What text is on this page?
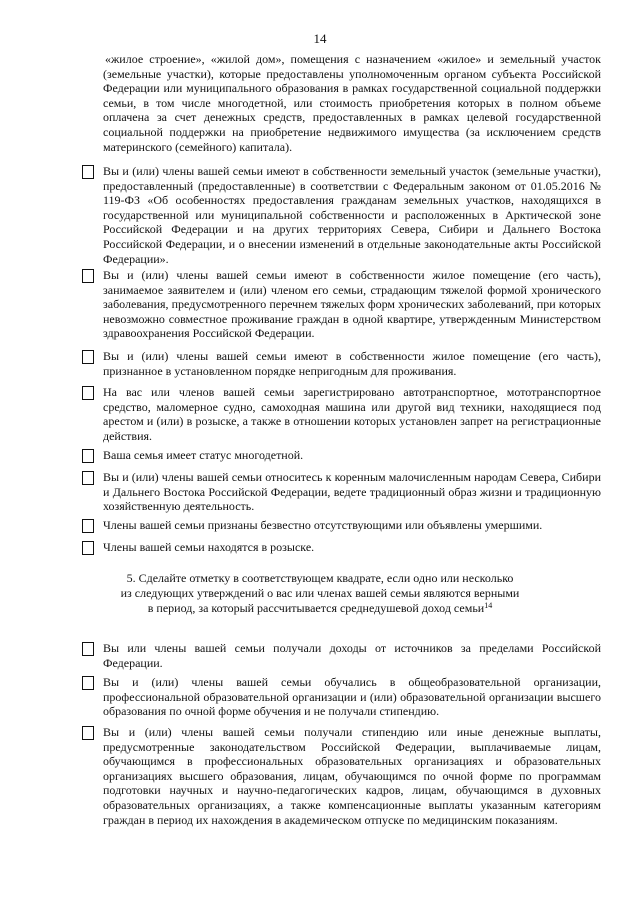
14
«жилое строение», «жилой дом», помещения с назначением «жилое» и земельный участок (земельные участки), которые предоставлены уполномоченным органом субъекта Российской Федерации или муниципального образования в рамках государственной социальной поддержки семьи, в том числе многодетной, или стоимость приобретения которых в полном объеме оплачена за счет денежных средств, предоставленных в рамках целевой государственной социальной поддержки на приобретение недвижимого имущества (за исключением средств материнского (семейного) капитала).
Вы и (или) члены вашей семьи имеют в собственности земельный участок (земельные участки), предоставленный (предоставленные) в соответствии с Федеральным законом от 01.05.2016 № 119-ФЗ «Об особенностях предоставления гражданам земельных участков, находящихся в государственной или муниципальной собственности и расположенных в Арктической зоне Российской Федерации и на других территориях Севера, Сибири и Дальнего Востока Российской Федерации, и о внесении изменений в отдельные законодательные акты Российской Федерации».
Вы и (или) члены вашей семьи имеют в собственности жилое помещение (его часть), занимаемое заявителем и (или) членом его семьи, страдающим тяжелой формой хронического заболевания, предусмотренного перечнем тяжелых форм хронических заболеваний, при которых невозможно совместное проживание граждан в одной квартире, утвержденным Министерством здравоохранения Российской Федерации.
Вы и (или) члены вашей семьи имеют в собственности жилое помещение (его часть), признанное в установленном порядке непригодным для проживания.
На вас или членов вашей семьи зарегистрировано автотранспортное, мототранспортное средство, маломерное судно, самоходная машина или другой вид техники, находящиеся под арестом и (или) в розыске, а также в отношении которых установлен запрет на регистрационные действия.
Ваша семья имеет статус многодетной.
Вы и (или) члены вашей семьи относитесь к коренным малочисленным народам Севера, Сибири и Дальнего Востока Российской Федерации, ведете традиционный образ жизни и традиционную хозяйственную деятельность.
Члены вашей семьи признаны безвестно отсутствующими или объявлены умершими.
Члены вашей семьи находятся в розыске.
5. Сделайте отметку в соответствующем квадрате, если одно или несколько из следующих утверждений о вас или членах вашей семьи являются верными в период, за который рассчитывается среднедушевой доход семьи$^{14}$
Вы или члены вашей семьи получали доходы от источников за пределами Российской Федерации.
Вы и (или) члены вашей семьи обучались в общеобразовательной организации, профессиональной образовательной организации и (или) образовательной организации высшего образования по очной форме обучения и не получали стипендию.
Вы и (или) члены вашей семьи получали стипендию или иные денежные выплаты, предусмотренные законодательством Российской Федерации, выплачиваемые лицам, обучающимся в профессиональных образовательных организациях и образовательных организациях высшего образования, лицам, обучающимся по очной форме по программам подготовки научных и научно-педагогических кадров, лицам, обучающимся в духовных образовательных организациях, а также компенсационные выплаты указанным категориям граждан в период их нахождения в академическом отпуске по медицинским показаниям.
